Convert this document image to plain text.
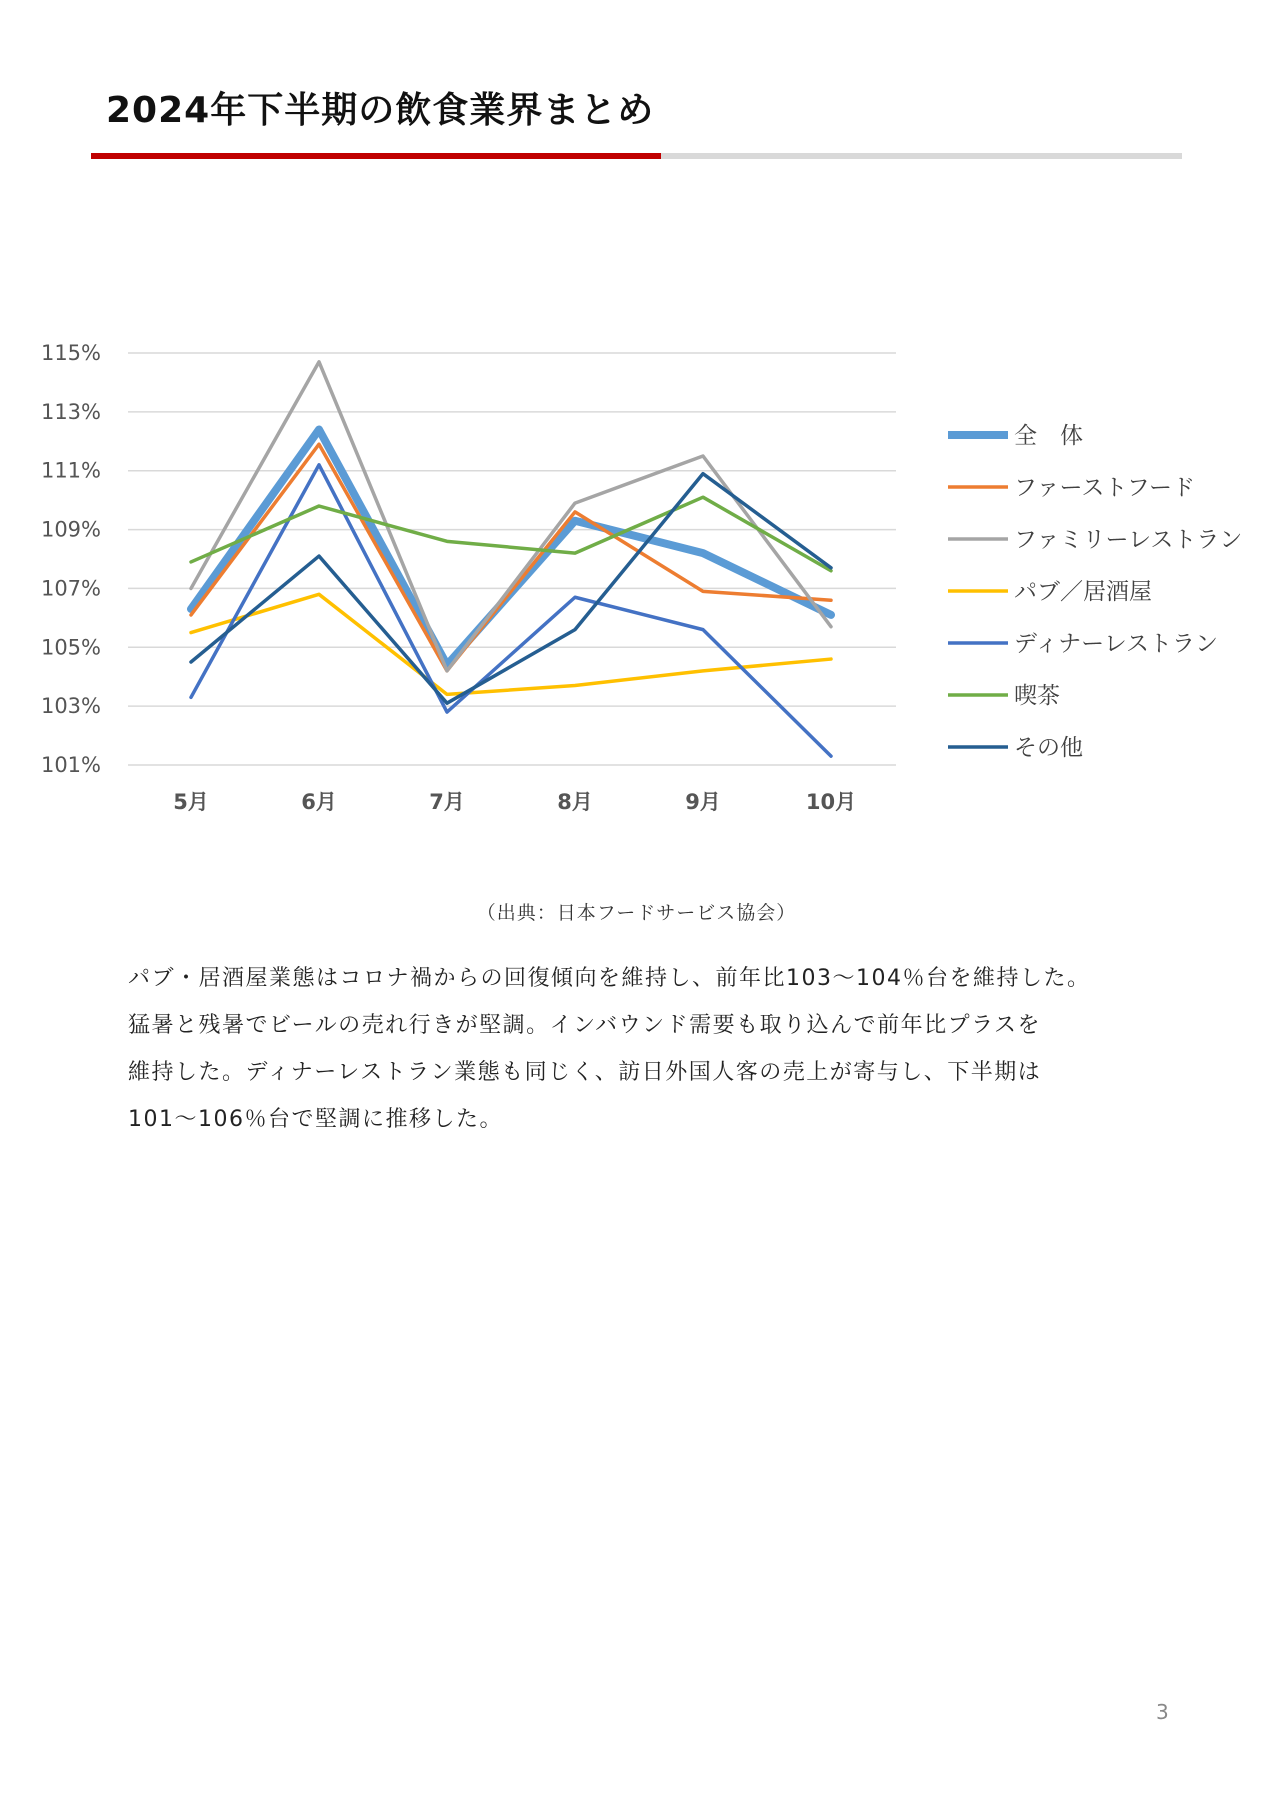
2024年下半期の飲食業界まとめ
101%
103%
105%
107%
109%
111%
113%
115%
5月	6月	7月	8月	9月	10月
全　体
ファーストフード
ファミリーレストラン
パブ／居酒屋
ディナーレストラン
喫茶
その他
（出典：日本フードサービス協会）
パブ・居酒屋業態はコロナ禍からの回復傾向を維持し、前年比103〜104％台を維持した。
猛暑と残暑でビールの売れ行きが堅調。インバウンド需要も取り込んで前年比プラスを
維持した。ディナーレストラン業態も同じく、訪日外国人客の売上が寄与し、下半期は
101〜106％台で堅調に推移した。
3
